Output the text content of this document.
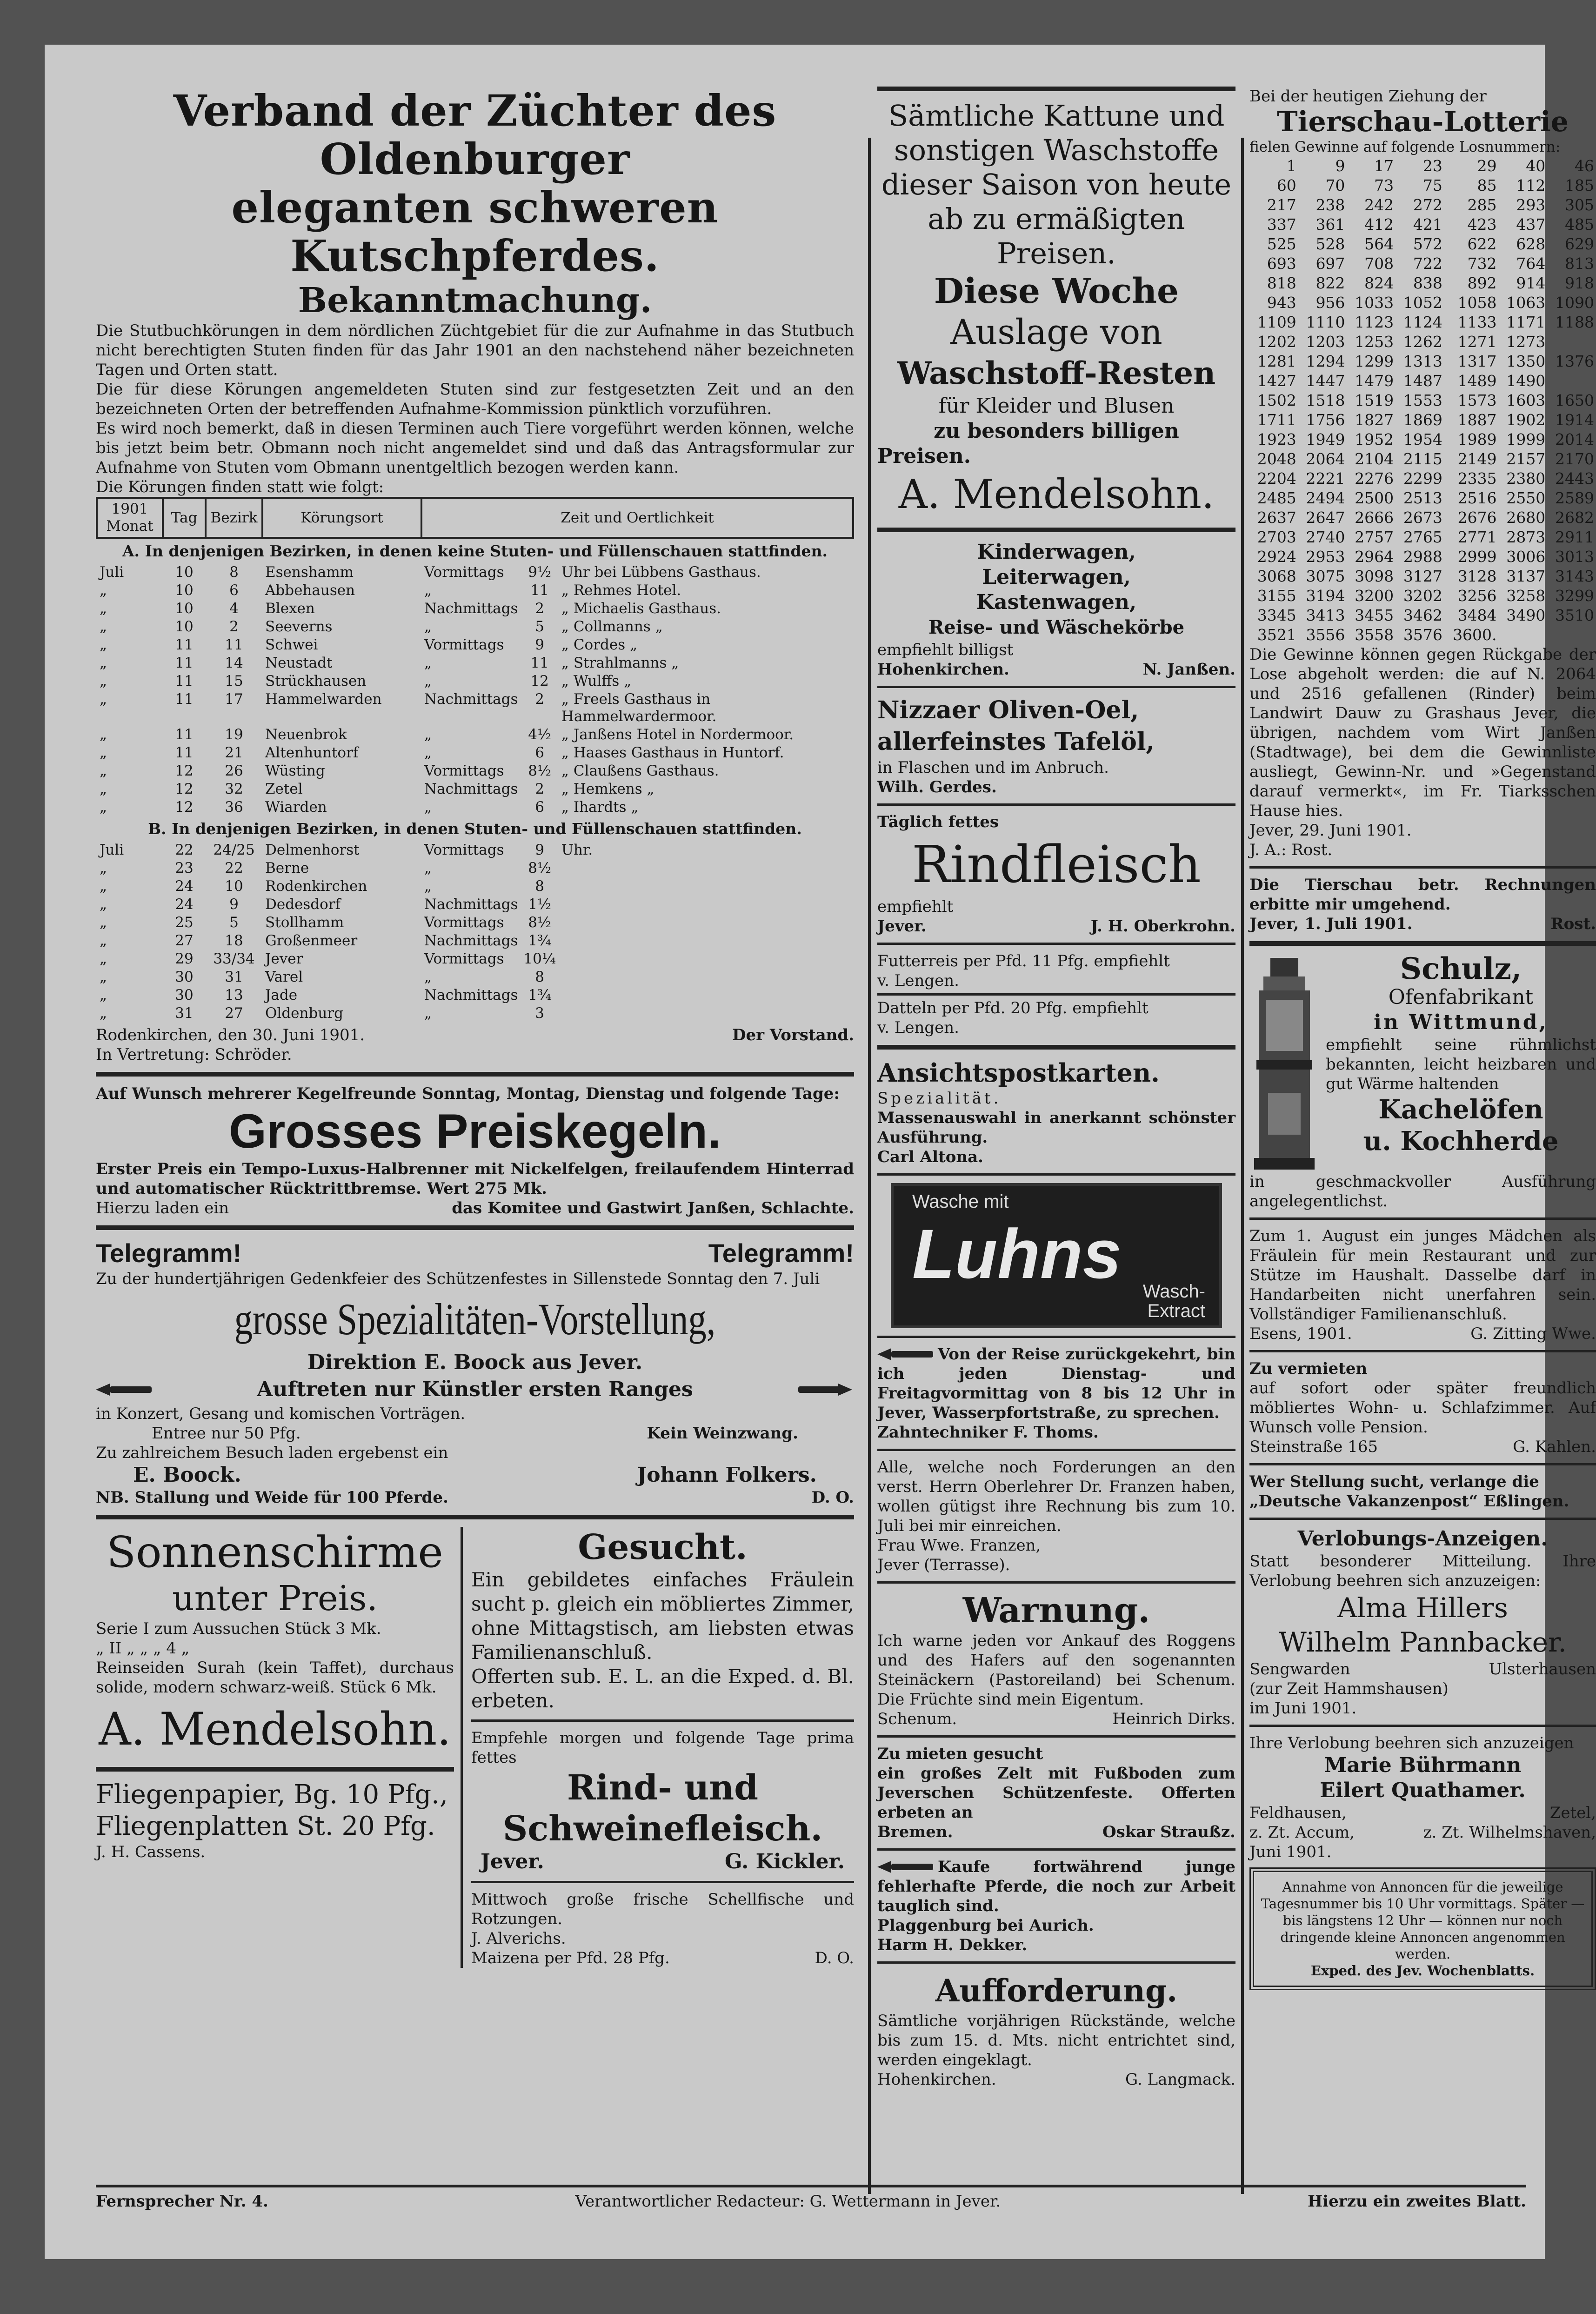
Verband der Züchter des Oldenburger

eleganten schweren Kutschpferdes.

Bekanntmachung.

Die Stutbuchkörungen in dem nördlichen Züchtgebiet für die zur Aufnahme in das Stutbuch nicht berechtigten Stuten finden für das Jahr 1901 an den nachstehend näher bezeichneten Tagen und Orten statt.

Die für diese Körungen angemeldeten Stuten sind zur festgesetzten Zeit und an den bezeichneten Orten der betreffenden Aufnahme-Kommission pünktlich vorzuführen.

Es wird noch bemerkt, daß in diesen Terminen auch Tiere vorgeführt werden können, welche bis jetzt beim betr. Obmann noch nicht angemeldet sind und daß das Antragsformular zur Aufnahme von Stuten vom Obmann unentgeltlich bezogen werden kann.

Die Körungen finden statt wie folgt:

1901 Monat	Tag	Bezirk	Körungsort	Zeit und Oertlichkeit		
A. In denjenigen Bezirken, in denen keine Stuten- und Füllenschauen stattfinden.						
Juli	10	8	Esenshamm	Vormittags	9½	Uhr bei Lübbens Gasthaus.
„	10	6	Abbehausen	„	11	„ Rehmes Hotel.
„	10	4	Blexen	Nachmittags	2	„ Michaelis Gasthaus.
„	10	2	Seeverns	„	5	„ Collmanns „
„	11	11	Schwei	Vormittags	9	„ Cordes „
„	11	14	Neustadt	„	11	„ Strahlmanns „
„	11	15	Strückhausen	„	12	„ Wulffs „
„	11	17	Hammelwarden	Nachmittags	2	„ Freels Gasthaus in Hammelwardermoor.
„	11	19	Neuenbrok	„	4½	„ Janßens Hotel in Nordermoor.
„	11	21	Altenhuntorf	„	6	„ Haases Gasthaus in Huntorf.
„	12	26	Wüsting	Vormittags	8½	„ Claußens Gasthaus.
„	12	32	Zetel	Nachmittags	2	„ Hemkens „
„	12	36	Wiarden	„	6	„ Ihardts „
B. In denjenigen Bezirken, in denen Stuten- und Füllenschauen stattfinden.						
Juli	22	24/25	Delmenhorst	Vormittags	9	Uhr.
„	23	22	Berne	„	8½	
„	24	10	Rodenkirchen	„	8	
„	24	9	Dedesdorf	Nachmittags	1½	
„	25	5	Stollhamm	Vormittags	8½	
„	27	18	Großenmeer	Nachmittags	1¾	
„	29	33/34	Jever	Vormittags	10¼	
„	30	31	Varel	„	8	
„	30	13	Jade	Nachmittags	1¾	
„	31	27	Oldenburg	„	3	
Rodenkirchen, den 30. Juni 1901.	Der Vorstand.

In Vertretung: Schröder.

Auf Wunsch mehrerer Kegelfreunde Sonntag, Montag, Dienstag und folgende Tage:

Grosses Preiskegeln.

Erster Preis ein Tempo-Luxus-Halbrenner mit Nickelfelgen, freilaufendem Hinterrad und automatischer Rücktrittbremse. Wert 275 Mk.

Hierzu laden ein	das Komitee und Gastwirt Janßen, Schlachte.
Telegramm!	Telegramm!

Zu der hundertjährigen Gedenkfeier des Schützenfestes in Sillenstede Sonntag den 7. Juli

grosse Spezialitäten-Vorstellung,

Direktion E. Boock aus Jever.

Auftreten nur Künstler ersten Ranges

in Konzert, Gesang und komischen Vorträgen.

Entree nur 50 Pfg.	Kein Weinzwang.

Zu zahlreichem Besuch laden ergebenst ein

E. Boock.	Johann Folkers.
NB. Stallung und Weide für 100 Pferde.	D. O.

Sonnenschirme

unter Preis.

Serie I zum Aussuchen Stück 3 Mk.

„ II „ „ „ 4 „

Reinseiden Surah (kein Taffet), durchaus solide, modern schwarz-weiß. Stück 6 Mk.

A. Mendelsohn.

Fliegenpapier, Bg. 10 Pfg.,

Fliegenplatten St. 20 Pfg.

J. H. Cassens.

Gesucht.

Ein gebildetes einfaches Fräulein sucht p. gleich ein möbliertes Zimmer, ohne Mittagstisch, am liebsten etwas Familienanschluß.

Offerten sub. E. L. an die Exped. d. Bl. erbeten.

Empfehle morgen und folgende Tage prima fettes

Rind- und

Schweinefleisch.

Jever.	G. Kickler.

Mittwoch große frische Schellfische und Rotzungen.

J. Alverichs.

Maizena per Pfd. 28 Pfg.	D. O.

Sämtliche Kattune und sonstigen Waschstoffe dieser Saison von heute ab zu ermäßigten Preisen.

Diese Woche

Auslage von

Waschstoff-Resten

für Kleider und Blusen

zu besonders billigen

Preisen.

A. Mendelsohn.

Kinderwagen,

Leiterwagen,

Kastenwagen,

Reise- und Wäschekörbe

empfiehlt billigst

Hohenkirchen.	N. Janßen.

Nizzaer Oliven-Oel,

allerfeinstes Tafelöl,

in Flaschen und im Anbruch.

Wilh. Gerdes.

Täglich fettes

Rindfleisch

empfiehlt

Jever.	J. H. Oberkrohn.

Futterreis per Pfd. 11 Pfg. empfiehlt

v. Lengen.

Datteln per Pfd. 20 Pfg. empfiehlt

v. Lengen.

Ansichtspostkarten.

Spezialität.

Massenauswahl in anerkannt schönster Ausführung.

Carl Altona.

Wasche mit
Luhns Wasch-
Extract

Von der Reise zurückgekehrt, bin ich jeden Dienstag- und Freitagvormittag von 8 bis 12 Uhr in Jever, Wasserpfortstraße, zu sprechen.

Zahntechniker F. Thoms.

Alle, welche noch Forderungen an den verst. Herrn Oberlehrer Dr. Franzen haben, wollen gütigst ihre Rechnung bis zum 10. Juli bei mir einreichen.

Frau Wwe. Franzen,

Jever (Terrasse).

Warnung.

Ich warne jeden vor Ankauf des Roggens und des Hafers auf den sogenannten Steinäckern (Pastoreiland) bei Schenum. Die Früchte sind mein Eigentum.

Schenum.	Heinrich Dirks.

Zu mieten gesucht

ein großes Zelt mit Fußboden zum Jeverschen Schützenfeste. Offerten erbeten an

Bremen.	Oskar Straußz.

Kaufe fortwährend junge fehlerhafte Pferde, die noch zur Arbeit tauglich sind.

Plaggenburg bei Aurich.

Harm H. Dekker.

Aufforderung.

Sämtliche vorjährigen Rückstände, welche bis zum 15. d. Mts. nicht entrichtet sind, werden eingeklagt.

Hohenkirchen.	G. Langmack.

Bei der heutigen Ziehung der

Tierschau-Lotterie

fielen Gewinne auf folgende Losnummern:

1	9	17	23	29	40	46
60	70	73	75	85	112	185
217	238	242	272	285	293	305
337	361	412	421	423	437	485
525	528	564	572	622	628	629
693	697	708	722	732	764	813
818	822	824	838	892	914	918
943	956	1033	1052	1058	1063	1090
1109	1110	1123	1124	1133	1171	1188
1202	1203	1253	1262	1271	1273	
1281	1294	1299	1313	1317	1350	1376
1427	1447	1479	1487	1489	1490	
1502	1518	1519	1553	1573	1603	1650
1711	1756	1827	1869	1887	1902	1914
1923	1949	1952	1954	1989	1999	2014
2048	2064	2104	2115	2149	2157	2170
2204	2221	2276	2299	2335	2380	2443
2485	2494	2500	2513	2516	2550	2589
2637	2647	2666	2673	2676	2680	2682
2703	2740	2757	2765	2771	2873	2911
2924	2953	2964	2988	2999	3006	3013
3068	3075	3098	3127	3128	3137	3143
3155	3194	3200	3202	3256	3258	3299
3345	3413	3455	3462	3484	3490	3510
3521	3556	3558	3576	3600.		

Die Gewinne können gegen Rückgabe der Lose abgeholt werden: die auf N. 2064 und 2516 gefallenen (Rinder) beim Landwirt Dauw zu Grashaus Jever, die übrigen, nachdem vom Wirt Janßen (Stadtwage), bei dem die Gewinnliste ausliegt, Gewinn-Nr. und »Gegenstand darauf vermerkt«, im Fr. Tiarksschen Hause hies.

Jever, 29. Juni 1901.

J. A.: Rost.

Die Tierschau betr. Rechnungen erbitte mir umgehend.

Jever, 1. Juli 1901.	Rost.

Schulz,

Ofenfabrikant

in Wittmund,

empfiehlt seine rühmlichst bekannten, leicht heizbaren und gut Wärme haltenden

Kachelöfen

u. Kochherde

in geschmackvoller Ausführung angelegentlichst.

Zum 1. August ein junges Mädchen als Fräulein für mein Restaurant und zur Stütze im Haushalt. Dasselbe darf in Handarbeiten nicht unerfahren sein. Vollständiger Familienanschluß.

Esens, 1901.	G. Zitting Wwe.

Zu vermieten

auf sofort oder später freundlich möbliertes Wohn- u. Schlafzimmer. Auf Wunsch volle Pension.

Steinstraße 165	G. Kahlen.

Wer Stellung sucht, verlange die

„Deutsche Vakanzenpost“ Eßlingen.

Verlobungs-Anzeigen.

Statt besonderer Mitteilung. Ihre Verlobung beehren sich anzuzeigen:

Alma Hillers

Wilhelm Pannbacker.

Sengwarden	Ulsterhausen

(zur Zeit Hammshausen)

im Juni 1901.

Ihre Verlobung beehren sich anzuzeigen

Marie Bührmann

Eilert Quathamer.

Feldhausen,	Zetel,
z. Zt. Accum,	z. Zt. Wilhelmshaven,

Juni 1901.

Annahme von Annoncen für die jeweilige Tagesnummer bis 10 Uhr vormittags. Später — bis längstens 12 Uhr — können nur noch dringende kleine Annoncen angenommen werden.
Exped. des Jev. Wochenblatts.
Fernsprecher Nr. 4.	Verantwortlicher Redacteur: G. Wettermann in Jever.	Hierzu ein zweites Blatt.
